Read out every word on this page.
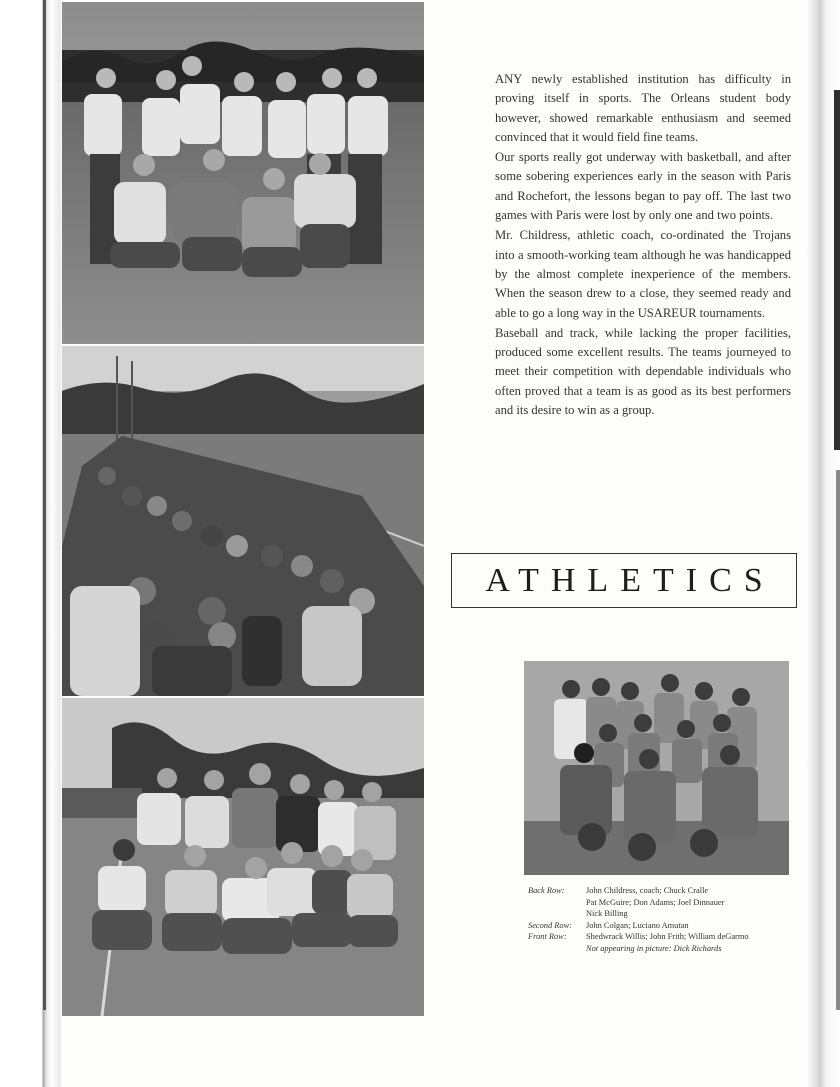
ANY newly established institution has difficulty in proving itself in sports. The Orleans student body however, showed remarkable enthusiasm and seemed convinced that it would field fine teams.

Our sports really got underway with basketball, and after some sobering experiences early in the season with Paris and Rochefort, the lessons began to pay off. The last two games with Paris were lost by only one and two points.

Mr. Childress, athletic coach, co-ordinated the Trojans into a smooth-working team although he was handicapped by the almost complete inexperience of the members. When the season drew to a close, they seemed ready and able to go a long way in the USAREUR tournaments.

Baseball and track, while lacking the proper facilities, produced some excellent results. The teams journeyed to meet their competition with dependable individuals who often proved that a team is as good as its best performers and its desire to win as a group.

ATHLETICS
Back Row:	John Childress, coach; Chuck Cralle
Pat McGuire; Don Adams; Joel Dinnauer
Nick Billing
Second Row:	John Colgan; Luciano Amutan
Front Row:	Shedwrack Willis; John Frith; William deGarmo
Not appearing in picture: Dick Richards
